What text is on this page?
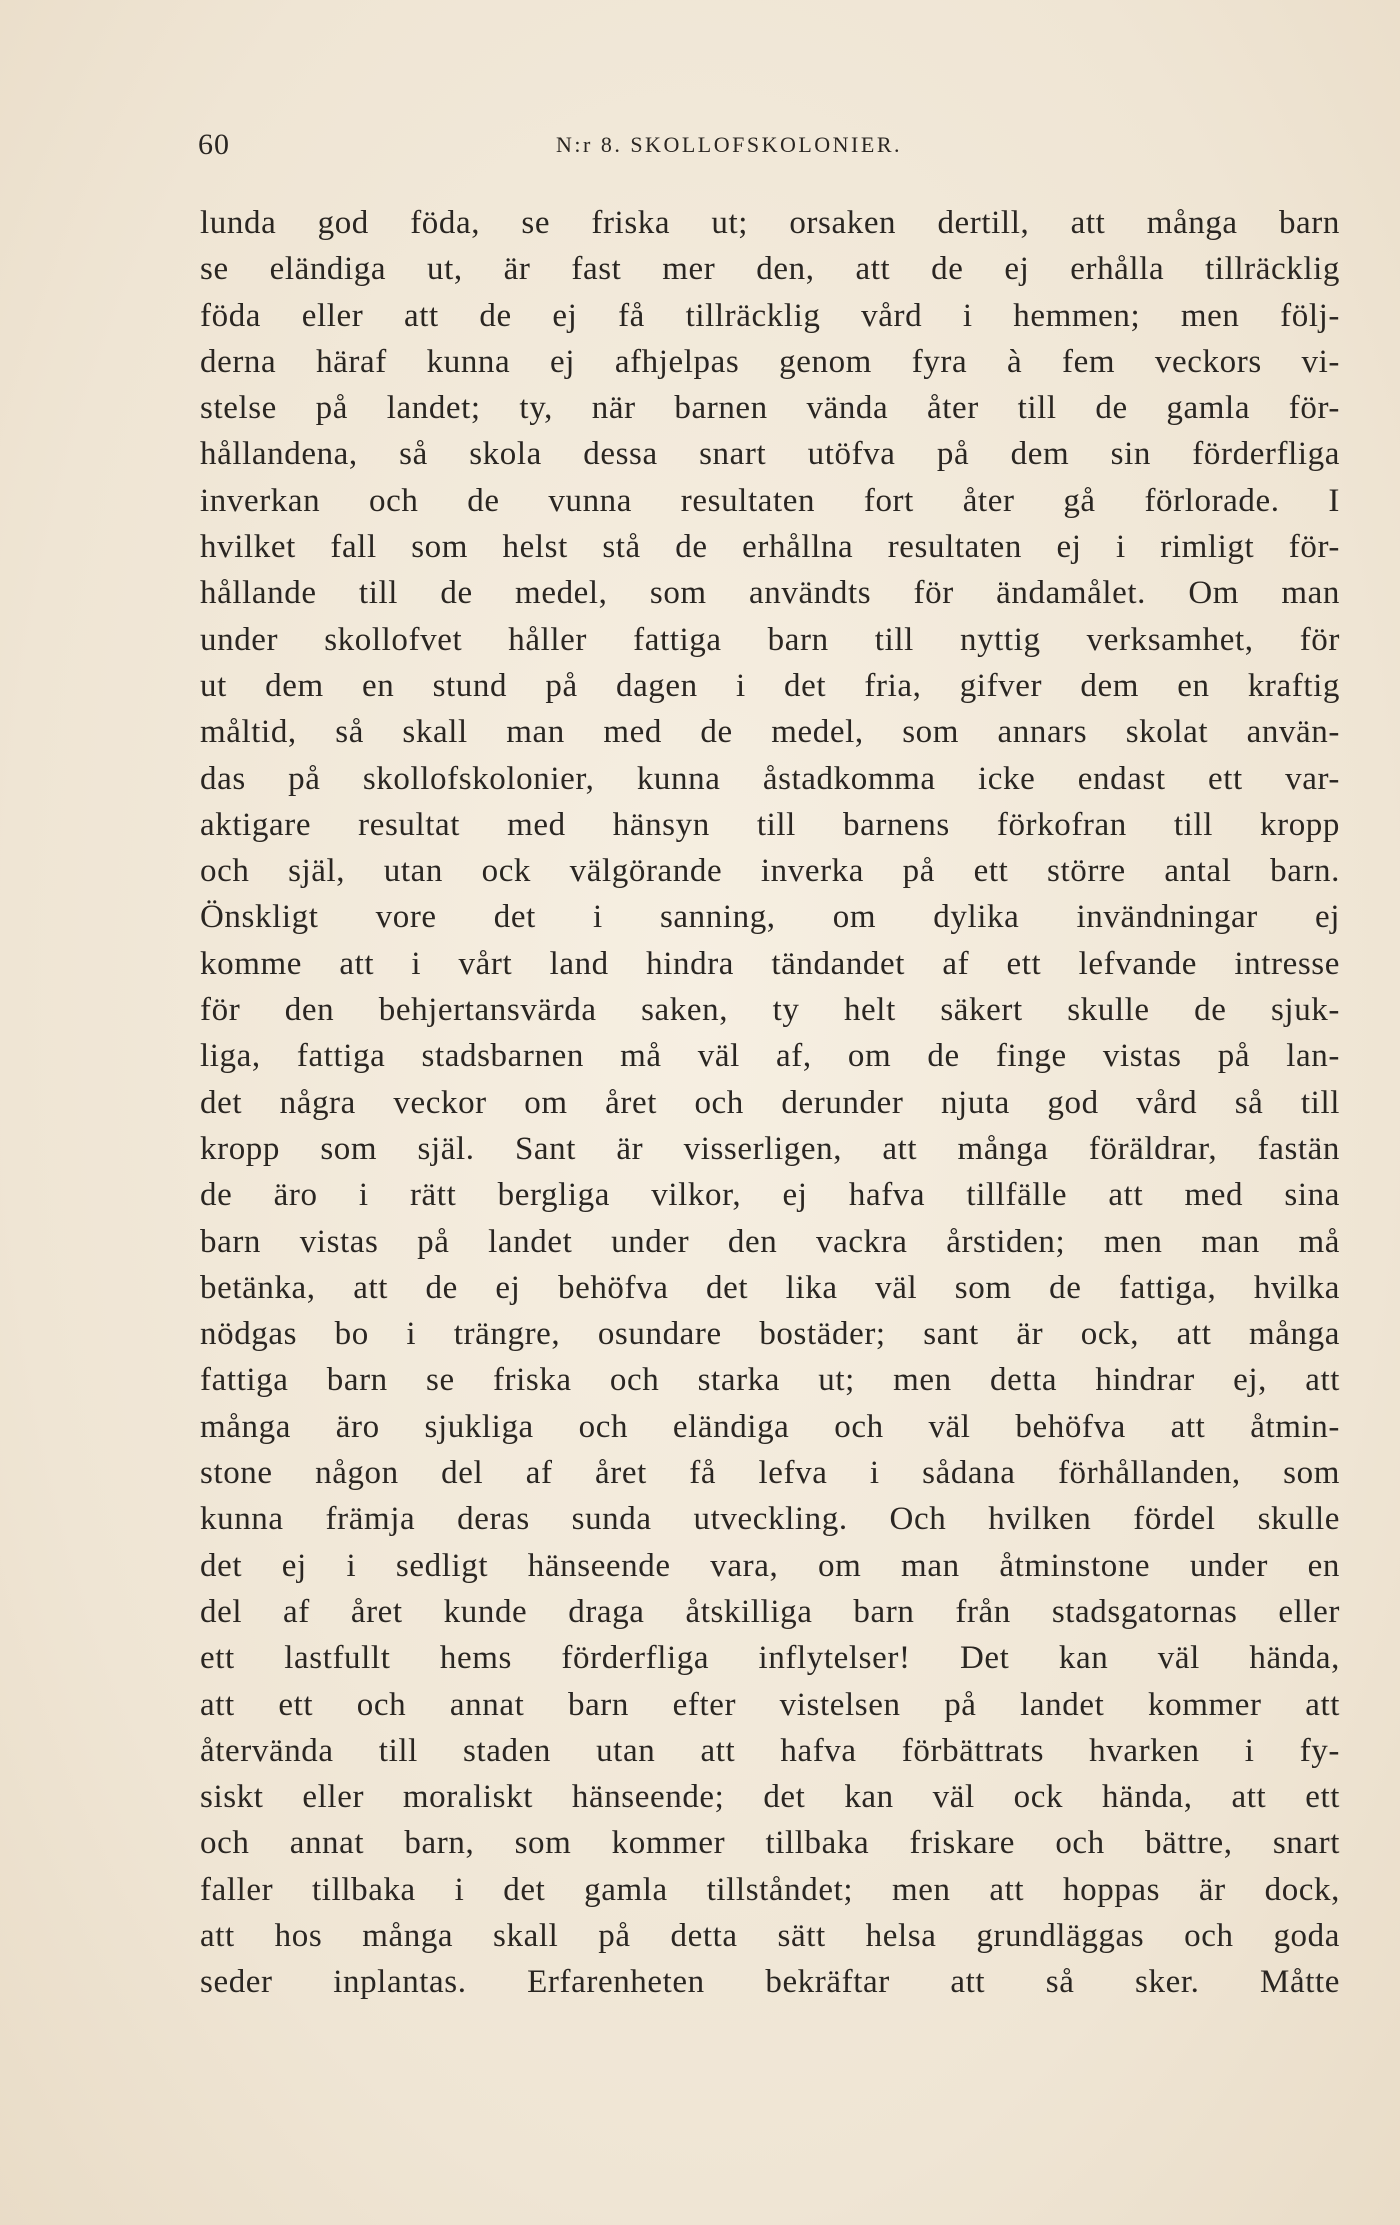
60	N:r 8. SKOLLOFSKOLONIER.
lunda god föda, se friska ut; orsaken dertill, att många barn
se eländiga ut, är fast mer den, att de ej erhålla tillräcklig
föda eller att de ej få tillräcklig vård i hemmen; men följ-
derna häraf kunna ej afhjelpas genom fyra à fem veckors vi-
stelse på landet; ty, när barnen vända åter till de gamla för-
hållandena, så skola dessa snart utöfva på dem sin förderfliga
inverkan och de vunna resultaten fort åter gå förlorade. I
hvilket fall som helst stå de erhållna resultaten ej i rimligt för-
hållande till de medel, som användts för ändamålet. Om man
under skollofvet håller fattiga barn till nyttig verksamhet, för
ut dem en stund på dagen i det fria, gifver dem en kraftig
måltid, så skall man med de medel, som annars skolat använ-
das på skollofskolonier, kunna åstadkomma icke endast ett var-
aktigare resultat med hänsyn till barnens förkofran till kropp
och själ, utan ock välgörande inverka på ett större antal barn.
Önskligt vore det i sanning, om dylika invändningar ej
komme att i vårt land hindra tändandet af ett lefvande intresse
för den behjertansvärda saken, ty helt säkert skulle de sjuk-
liga, fattiga stadsbarnen må väl af, om de finge vistas på lan-
det några veckor om året och derunder njuta god vård så till
kropp som själ. Sant är visserligen, att många föräldrar, fastän
de äro i rätt bergliga vilkor, ej hafva tillfälle att med sina
barn vistas på landet under den vackra årstiden; men man må
betänka, att de ej behöfva det lika väl som de fattiga, hvilka
nödgas bo i trängre, osundare bostäder; sant är ock, att många
fattiga barn se friska och starka ut; men detta hindrar ej, att
många äro sjukliga och eländiga och väl behöfva att åtmin-
stone någon del af året få lefva i sådana förhållanden, som
kunna främja deras sunda utveckling. Och hvilken fördel skulle
det ej i sedligt hänseende vara, om man åtminstone under en
del af året kunde draga åtskilliga barn från stadsgatornas eller
ett lastfullt hems förderfliga inflytelser! Det kan väl hända,
att ett och annat barn efter vistelsen på landet kommer att
återvända till staden utan att hafva förbättrats hvarken i fy-
siskt eller moraliskt hänseende; det kan väl ock hända, att ett
och annat barn, som kommer tillbaka friskare och bättre, snart
faller tillbaka i det gamla tillståndet; men att hoppas är dock,
att hos många skall på detta sätt helsa grundläggas och goda
seder inplantas. Erfarenheten bekräftar att så sker. Måtte
